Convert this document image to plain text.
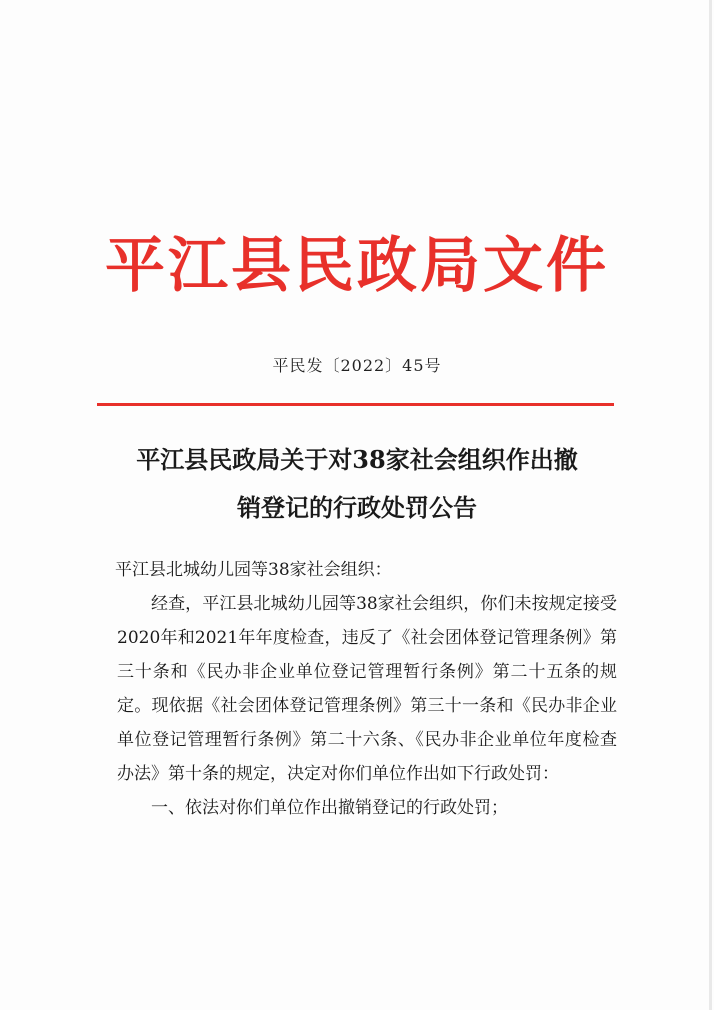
平江县民政局文件
平民发〔2022〕45号
平江县民政局关于对38家社会组织作出撤
销登记的行政处罚公告

平江县北城幼儿园等38家社会组织：

经查，平江县北城幼儿园等38家社会组织，你们未按规定接受2020年和2021年年度检查，违反了《社会团体登记管理条例》第三十条和《民办非企业单位登记管理暂行条例》第二十五条的规定。现依据《社会团体登记管理条例》第三十一条和《民办非企业单位登记管理暂行条例》第二十六条、《民办非企业单位年度检查办法》第十条的规定，决定对你们单位作出如下行政处罚：

一、依法对你们单位作出撤销登记的行政处罚；
